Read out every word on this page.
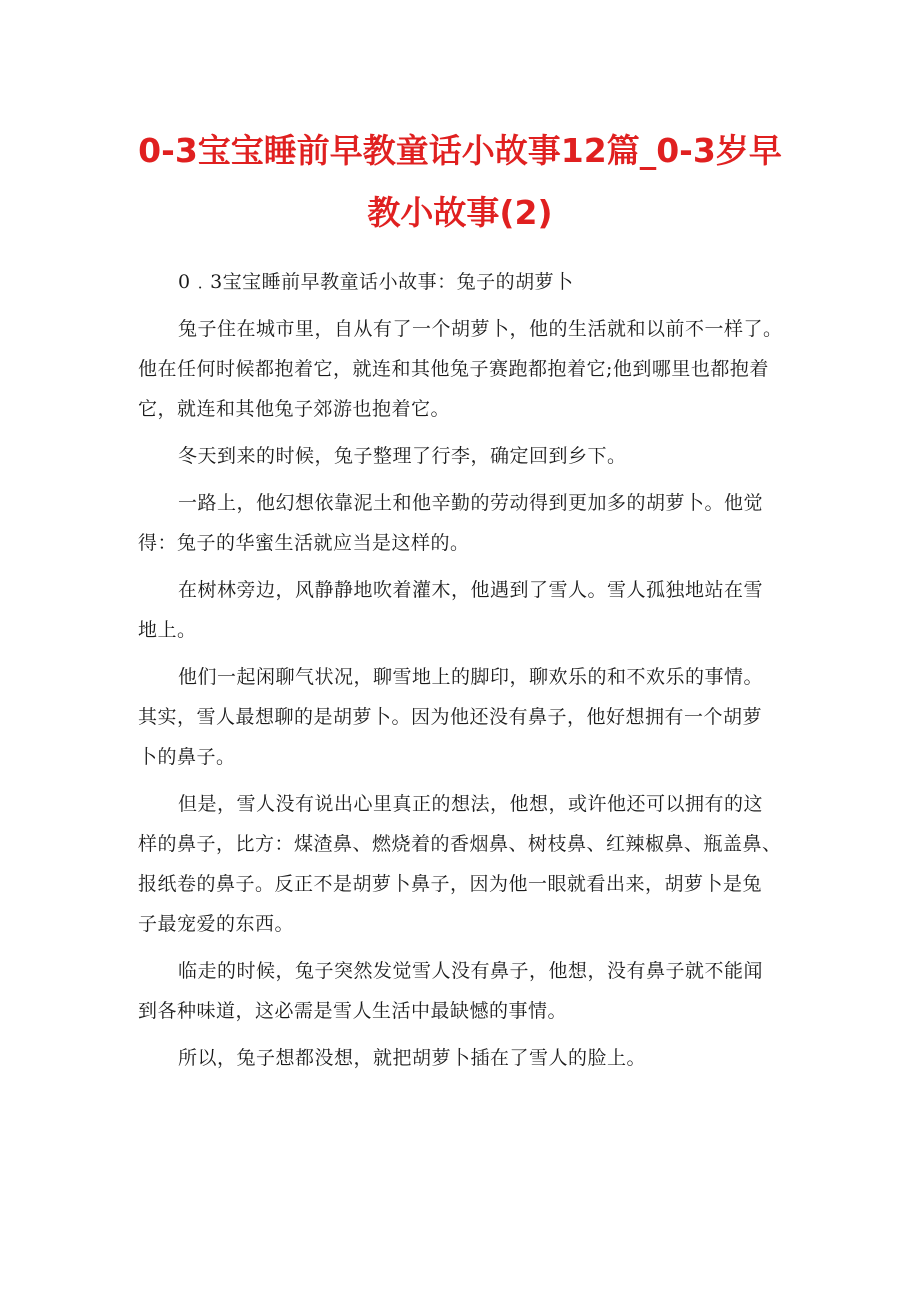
0-3宝宝睡前早教童话小故事12篇_0-3岁早
教小故事(2)

0﹒3宝宝睡前早教童话小故事：兔子的胡萝卜

兔子住在城市里，自从有了一个胡萝卜，他的生活就和以前不一样了。
他在任何时候都抱着它，就连和其他兔子赛跑都抱着它;他到哪里也都抱着
它，就连和其他兔子郊游也抱着它。

冬天到来的时候，兔子整理了行李，确定回到乡下。

一路上，他幻想依靠泥土和他辛勤的劳动得到更加多的胡萝卜。他觉
得：兔子的华蜜生活就应当是这样的。

在树林旁边，风静静地吹着灌木，他遇到了雪人。雪人孤独地站在雪
地上。

他们一起闲聊气状况，聊雪地上的脚印，聊欢乐的和不欢乐的事情。
其实，雪人最想聊的是胡萝卜。因为他还没有鼻子，他好想拥有一个胡萝
卜的鼻子。

但是，雪人没有说出心里真正的想法，他想，或许他还可以拥有的这
样的鼻子，比方：煤渣鼻、燃烧着的香烟鼻、树枝鼻、红辣椒鼻、瓶盖鼻、
报纸卷的鼻子。反正不是胡萝卜鼻子，因为他一眼就看出来，胡萝卜是兔
子最宠爱的东西。

临走的时候，兔子突然发觉雪人没有鼻子，他想，没有鼻子就不能闻
到各种味道，这必需是雪人生活中最缺憾的事情。

所以，兔子想都没想，就把胡萝卜插在了雪人的脸上。
